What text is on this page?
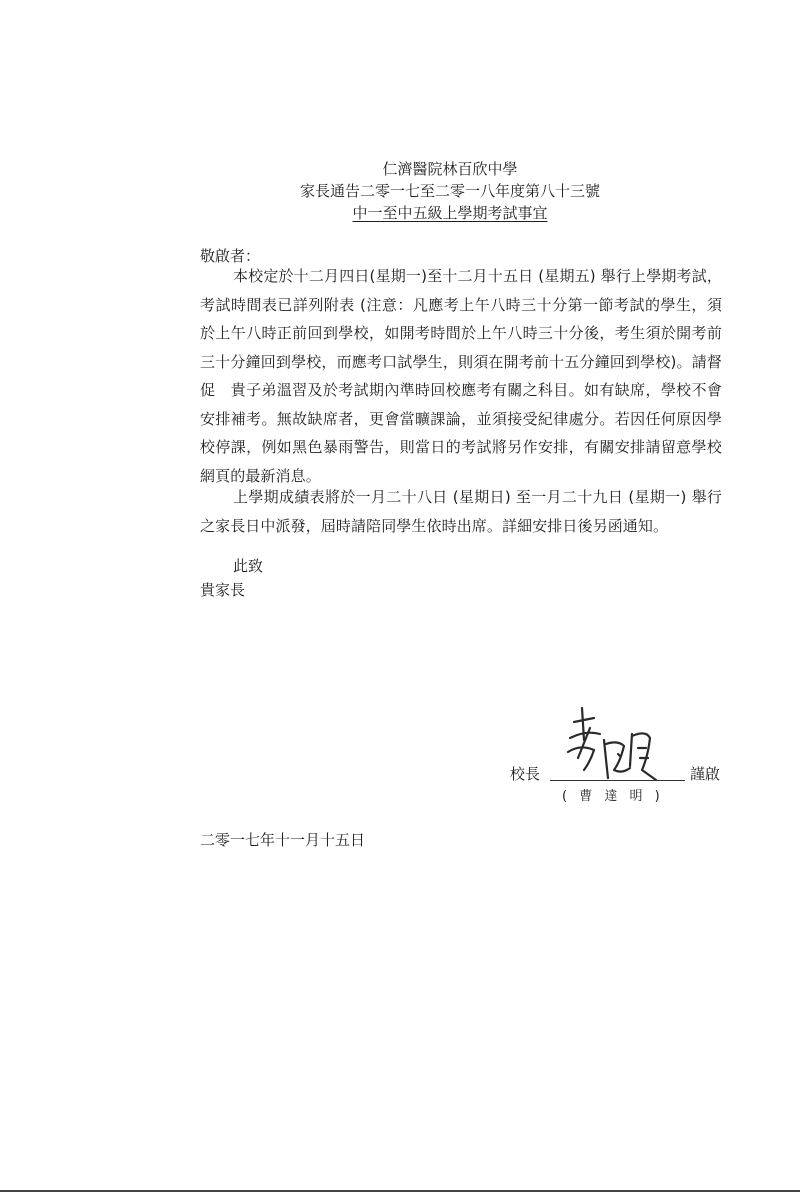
仁濟醫院林百欣中學
家長通告二零一七至二零一八年度第八十三號
中一至中五級上學期考試事宜
敬啟者：
本校定於十二月四日(星期一)至十二月十五日 (星期五) 舉行上學期考試，考試時間表已詳列附表 (注意：凡應考上午八時三十分第一節考試的學生，須於上午八時正前回到學校，如開考時間於上午八時三十分後，考生須於開考前三十分鐘回到學校，而應考口試學生，則須在開考前十五分鐘回到學校)。請督促　貴子弟溫習及於考試期內準時回校應考有關之科目。如有缺席，學校不會安排補考。無故缺席者，更會當曠課論，並須接受紀律處分。若因任何原因學校停課，例如黑色暴雨警告，則當日的考試將另作安排，有關安排請留意學校網頁的最新消息。
上學期成績表將於一月二十八日 (星期日) 至一月二十九日 (星期一) 舉行之家長日中派發，屆時請陪同學生依時出席。詳細安排日後另函通知。
此致
貴家長
校長	謹啟
( 曹 達 明 )
二零一七年十一月十五日
